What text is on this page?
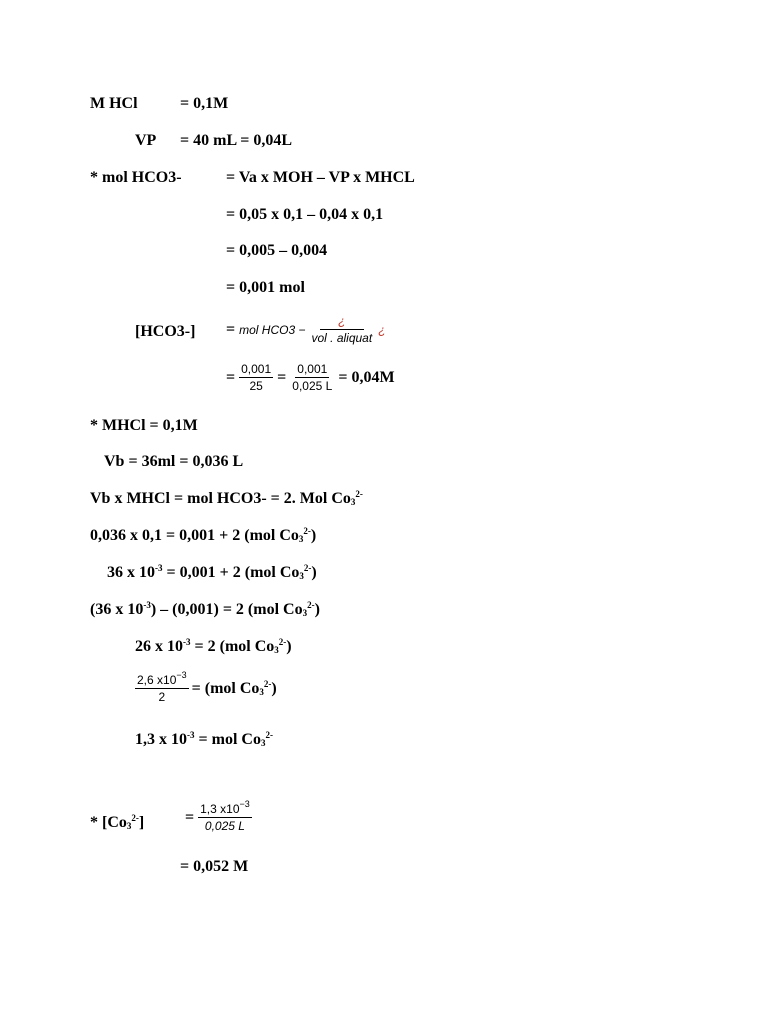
M HCl	= 0,1M
VP = 40 mL = 0,04L
* mol HCO3-	= Va x MOH – VP x MHCL
= 0,05 x 0,1 – 0,04 x 0,1
= 0,005 – 0,004
= 0,001 mol
[HCO3-] = mol $HCO3 - \frac{¿}{\text{vol . aliquat}}$ ¿
= $\frac{0,001}{25} = \frac{0,001}{0,025 L} = 0,04M$
* MHCl = 0,1M
Vb = 36ml = 0,036 L
Vb x MHCl = mol HCO3- = 2. Mol $Co_3^{2-}$
0,036 x 0,1 = 0,001 + 2 (mol $Co_3^{2-}$)
36 x $10^{-3} = 0,001 + 2$ (mol $Co_3^{2-}$)
(36 x $10^{-3}) - (0,001) = 2$ (mol $Co_3^{2-}$)
26 x $10^{-3} = 2$ (mol $Co_3^{2-}$)
$\frac{2,6 x10^{-3}}{2} = (mol$ $Co_3^{2-}$)
1,3 x $10^{-3}$ = mol $Co_3^{2-}$
* $[Co_3^{2-}]$	= $\frac{1,3 x10^{-3}}{0,025 L}$
= 0,052 M
